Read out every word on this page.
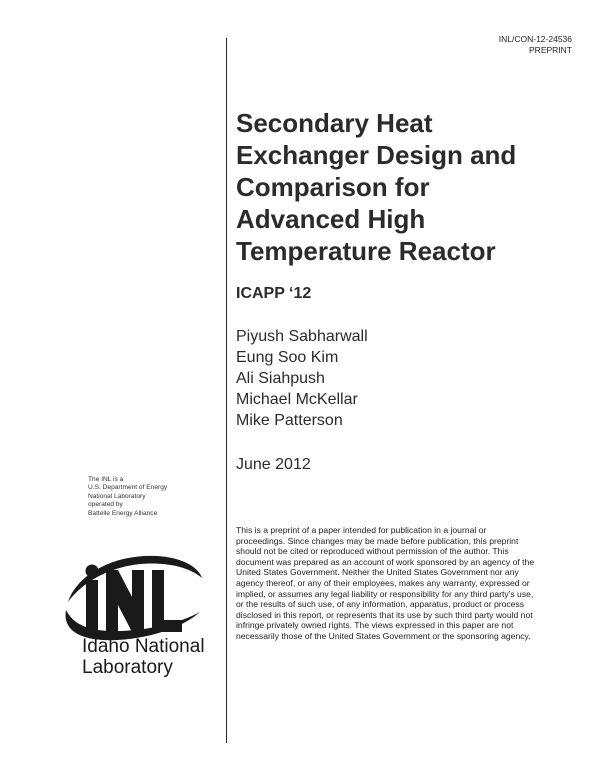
INL/CON-12-24536
PREPRINT
Secondary Heat
Exchanger Design and
Comparison for
Advanced High
Temperature Reactor
ICAPP ‘12
Piyush Sabharwall
Eung Soo Kim
Ali Siahpush
Michael McKellar
Mike Patterson
June 2012
This is a preprint of a paper intended for publication in a journal or proceedings. Since changes may be made before publication, this preprint should not be cited or reproduced without permission of the author. This document was prepared as an account of work sponsored by an agency of the United States Government. Neither the United States Government nor any agency thereof, or any of their employees, makes any warranty, expressed or implied, or assumes any legal liability or responsibility for any third party's use, or the results of such use, of any information, apparatus, product or process disclosed in this report, or represents that its use by such third party would not infringe privately owned rights. The views expressed in this paper are not necessarily those of the United States Government or the sponsoring agency.
The INL is a
U.S. Department of Energy
National Laboratory
operated by
Battelle Energy Alliance
Idaho National
Laboratory
